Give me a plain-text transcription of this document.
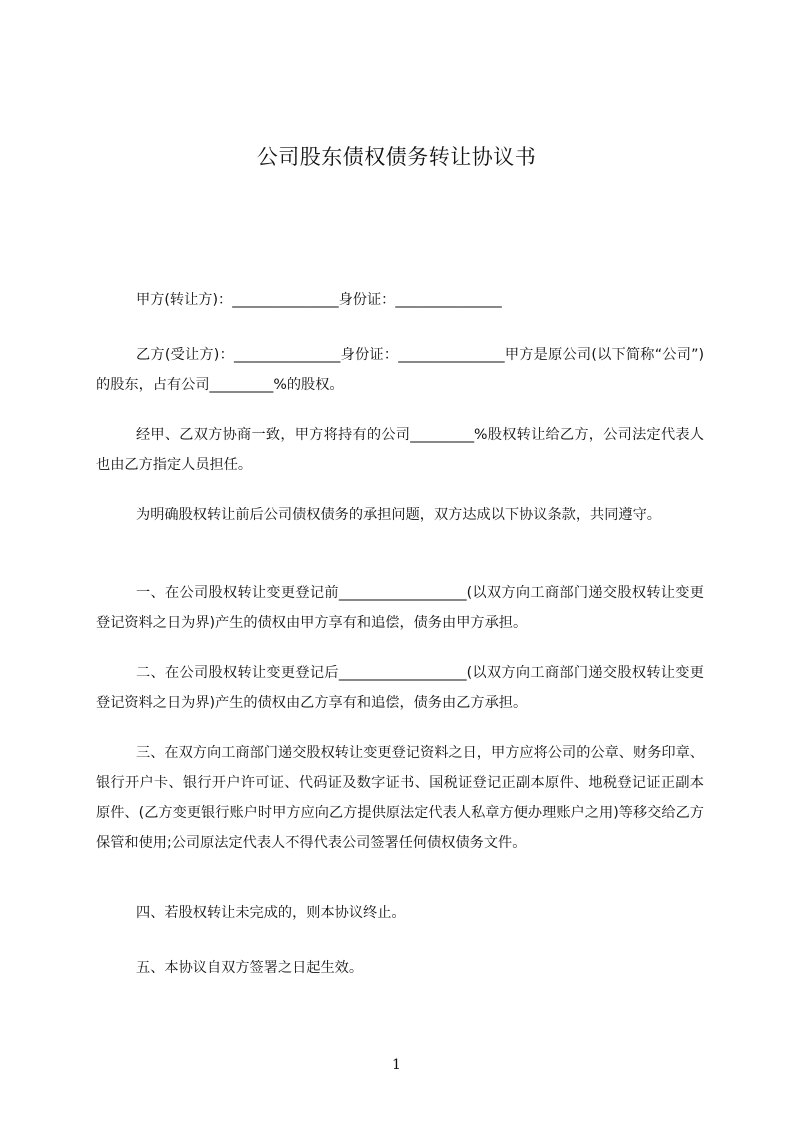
公司股东债权债务转让协议书
甲方(转让方)：_______________身份证：_______________
乙方(受让方)：_______________身份证：_______________甲方是原公司(以下简称“公司”)的股东，占有公司_________%的股权。
经甲、乙双方协商一致，甲方将持有的公司_________%股权转让给乙方，公司法定代表人也由乙方指定人员担任。
为明确股权转让前后公司债权债务的承担问题，双方达成以下协议条款，共同遵守。
一、在公司股权转让变更登记前__________________(以双方向工商部门递交股权转让变更登记资料之日为界)产生的债权由甲方享有和追偿，债务由甲方承担。
二、在公司股权转让变更登记后__________________(以双方向工商部门递交股权转让变更登记资料之日为界)产生的债权由乙方享有和追偿，债务由乙方承担。
三、在双方向工商部门递交股权转让变更登记资料之日，甲方应将公司的公章、财务印章、银行开户卡、银行开户许可证、代码证及数字证书、国税证登记正副本原件、地税登记证正副本原件、(乙方变更银行账户时甲方应向乙方提供原法定代表人私章方便办理账户之用)等移交给乙方保管和使用;公司原法定代表人不得代表公司签署任何债权债务文件。
四、若股权转让未完成的，则本协议终止。
五、本协议自双方签署之日起生效。
1
